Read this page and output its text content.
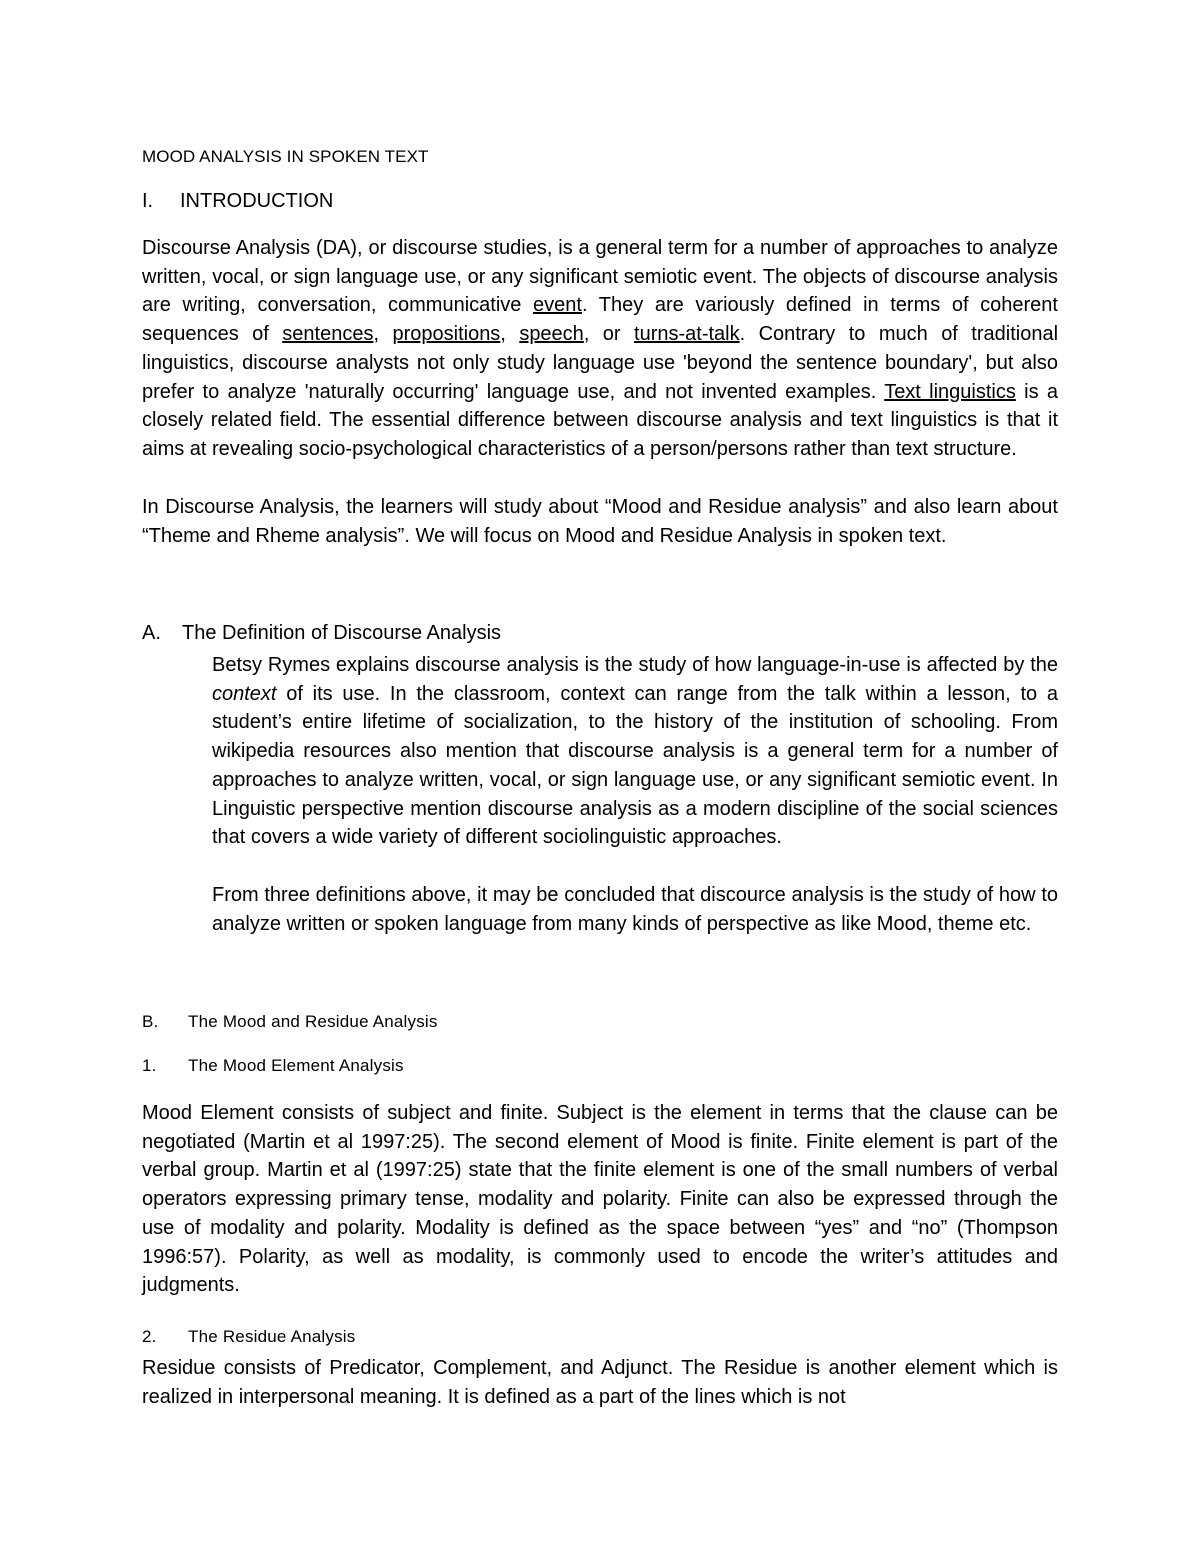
MOOD ANALYSIS IN SPOKEN TEXT
I. INTRODUCTION
Discourse Analysis (DA), or discourse studies, is a general term for a number of approaches to analyze written, vocal, or sign language use, or any significant semiotic event. The objects of discourse analysis are writing, conversation, communicative event. They are variously defined in terms of coherent sequences of sentences, propositions, speech, or turns-at-talk. Contrary to much of traditional linguistics, discourse analysts not only study language use 'beyond the sentence boundary', but also prefer to analyze 'naturally occurring' language use, and not invented examples. Text linguistics is a closely related field. The essential difference between discourse analysis and text linguistics is that it aims at revealing socio-psychological characteristics of a person/persons rather than text structure.
In Discourse Analysis, the learners will study about “Mood and Residue analysis” and also learn about “Theme and Rheme analysis”. We will focus on Mood and Residue Analysis in spoken text.
A. The Definition of Discourse Analysis
Betsy Rymes explains discourse analysis is the study of how language-in-use is affected by the context of its use. In the classroom, context can range from the talk within a lesson, to a student’s entire lifetime of socialization, to the history of the institution of schooling. From wikipedia resources also mention that discourse analysis is a general term for a number of approaches to analyze written, vocal, or sign language use, or any significant semiotic event. In Linguistic perspective mention discourse analysis as a modern discipline of the social sciences that covers a wide variety of different sociolinguistic approaches.
From three definitions above, it may be concluded that discource analysis is the study of how to analyze written or spoken language from many kinds of perspective as like Mood, theme etc.
B. The Mood and Residue Analysis
1. The Mood Element Analysis
Mood Element consists of subject and finite. Subject is the element in terms that the clause can be negotiated (Martin et al 1997:25). The second element of Mood is finite. Finite element is part of the verbal group. Martin et al (1997:25) state that the finite element is one of the small numbers of verbal operators expressing primary tense, modality and polarity. Finite can also be expressed through the use of modality and polarity. Modality is defined as the space between “yes” and “no” (Thompson 1996:57). Polarity, as well as modality, is commonly used to encode the writer’s attitudes and judgments.
2. The Residue Analysis
Residue consists of Predicator, Complement, and Adjunct. The Residue is another element which is realized in interpersonal meaning. It is defined as a part of the lines which is not
